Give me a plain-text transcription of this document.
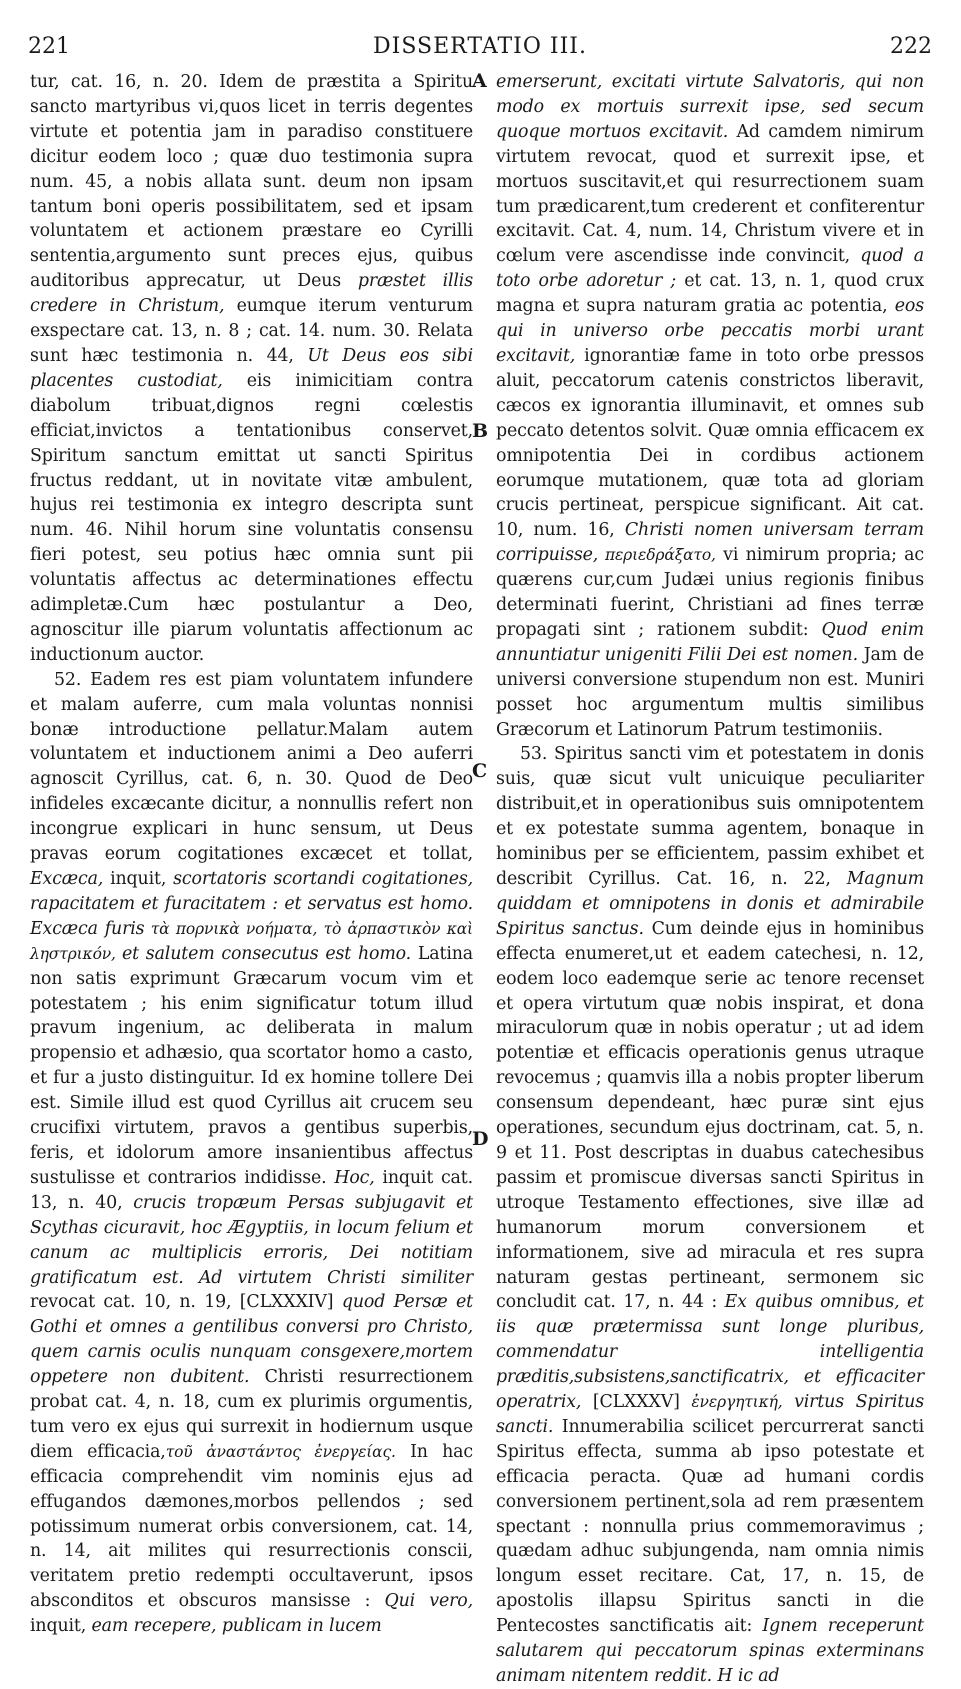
221	DISSERTATIO III.	222
A
B
C
D

tur, cat. 16, n. 20. Idem de præstita a Spiritu sancto martyribus vi,quos licet in terris degentes virtute et potentia jam in paradiso constituere dicitur eodem loco ; quæ duo testimonia supra num. 45, a nobis allata sunt. deum non ipsam tantum boni operis possibilitatem, sed et ipsam voluntatem et actionem præstare eo Cyrilli sententia,argumento sunt preces ejus, quibus auditoribus apprecatur, ut Deus præstet illis credere in Christum, eumque iterum venturum exspectare cat. 13, n. 8 ; cat. 14. num. 30. Relata sunt hæc testimonia n. 44, Ut Deus eos sibi placentes custodiat, eis inimicitiam contra diabolum tribuat,dignos regni cœlestis efficiat,invictos a tentationibus conservet, Spiritum sanctum emittat ut sancti Spiritus fructus reddant, ut in novitate vitæ ambulent, hujus rei testimonia ex integro descripta sunt num. 46. Nihil horum sine voluntatis consensu fieri potest, seu potius hæc omnia sunt pii voluntatis affectus ac determinationes effectu adimpletæ.Cum hæc postulantur a Deo, agnoscitur ille piarum voluntatis affectionum ac inductionum auctor.

52. Eadem res est piam voluntatem infundere et malam auferre, cum mala voluntas nonnisi bonæ introductione pellatur.Malam autem voluntatem et inductionem animi a Deo auferri agnoscit Cyrillus, cat. 6, n. 30. Quod de Deo infideles excæcante dicitur, a nonnullis refert non incongrue explicari in hunc sensum, ut Deus pravas eorum cogitationes excæcet et tollat, Excæca, inquit, scortatoris scortandi cogitationes, rapacitatem et furacitatem : et servatus est homo. Excæca furis τὰ πορνικὰ νοήματα, τὸ ἁρπαστικὸν καὶ ληστρικόν, et salutem consecutus est homo. Latina non satis exprimunt Græcarum vocum vim et potestatem ; his enim significatur totum illud pravum ingenium, ac deliberata in malum propensio et adhæsio, qua scortator homo a casto, et fur a justo distinguitur. Id ex homine tollere Dei est. Simile illud est quod Cyrillus ait crucem seu crucifixi virtutem, pravos a gentibus superbis, feris, et idolorum amore insanientibus affectus sustulisse et contrarios indidisse. Hoc, inquit cat. 13, n. 40, crucis tropæum Persas subjugavit et Scythas cicuravit, hoc Ægyptiis, in locum felium et canum ac multiplicis erroris, Dei notitiam gratificatum est. Ad virtutem Christi similiter revocat cat. 10, n. 19, [CLXXXIV] quod Persæ et Gothi et omnes a gentilibus conversi pro Christo, quem carnis oculis nunquam consgexere,mortem oppetere non dubitent. Christi resurrectionem probat cat. 4, n. 18, cum ex plurimis orgumentis, tum vero ex ejus qui surrexit in hodiernum usque diem efficacia,τοῦ ἀναστάντος ἐνεργείας. In hac efficacia comprehendit vim nominis ejus ad effugandos dæmones,morbos pellendos ; sed potissimum numerat orbis conversionem, cat. 14, n. 14, ait milites qui resurrectionis conscii, veritatem pretio redempti occultaverunt, ipsos absconditos et obscuros mansisse : Qui vero, inquit, eam recepere, publicam in lucem

emerserunt, excitati virtute Salvatoris, qui non modo ex mortuis surrexit ipse, sed secum quoque mortuos excitavit. Ad camdem nimirum virtutem revocat, quod et surrexit ipse, et mortuos suscitavit,et qui resurrectionem suam tum prædicarent,tum crederent et confiterentur excitavit. Cat. 4, num. 14, Christum vivere et in cœlum vere ascendisse inde convincit, quod a toto orbe adoretur ; et cat. 13, n. 1, quod crux magna et supra naturam gratia ac potentia, eos qui in universo orbe peccatis morbi urant excitavit, ignorantiæ fame in toto orbe pressos aluit, peccatorum catenis constrictos liberavit, cæcos ex ignorantia illuminavit, et omnes sub peccato detentos solvit. Quæ omnia efficacem ex omnipotentia Dei in cordibus actionem eorumque mutationem, quæ tota ad gloriam crucis pertineat, perspicue significant. Ait cat. 10, num. 16, Christi nomen universam terram corripuisse, περιεδράξατο, vi nimirum propria; ac quærens cur,cum Judæi unius regionis finibus determinati fuerint, Christiani ad fines terræ propagati sint ; rationem subdit: Quod enim annuntiatur unigeniti Filii Dei est nomen. Jam de universi conversione stupendum non est. Muniri posset hoc argumentum multis similibus Græcorum et Latinorum Patrum testimoniis.

53. Spiritus sancti vim et potestatem in donis suis, quæ sicut vult unicuique peculiariter distribuit,et in operationibus suis omnipotentem et ex potestate summa agentem, bonaque in hominibus per se efficientem, passim exhibet et describit Cyrillus. Cat. 16, n. 22, Magnum quiddam et omnipotens in donis et admirabile Spiritus sanctus. Cum deinde ejus in hominibus effecta enumeret,ut et eadem catechesi, n. 12, eodem loco eademque serie ac tenore recenset et opera virtutum quæ nobis inspirat, et dona miraculorum quæ in nobis operatur ; ut ad idem potentiæ et efficacis operationis genus utraque revocemus ; quamvis illa a nobis propter liberum consensum dependeant, hæc puræ sint ejus operationes, secundum ejus doctrinam, cat. 5, n. 9 et 11. Post descriptas in duabus catechesibus passim et promiscue diversas sancti Spiritus in utroque Testamento effectiones, sive illæ ad humanorum morum conversionem et informationem, sive ad miracula et res supra naturam gestas pertineant, sermonem sic concludit cat. 17, n. 44 : Ex quibus omnibus, et iis quæ prætermissa sunt longe pluribus, commendatur intelligentia præditis,subsistens,sanctificatrix, et efficaciter operatrix, [CLXXXV] ἐνεργητική, virtus Spiritus sancti. Innumerabilia scilicet percurrerat sancti Spiritus effecta, summa ab ipso potestate et efficacia peracta. Quæ ad humani cordis conversionem pertinent,sola ad rem præsentem spectant : nonnulla prius commemoravimus ; quædam adhuc subjungenda, nam omnia nimis longum esset recitare. Cat, 17, n. 15, de apostolis illapsu Spiritus sancti in die Pentecostes sanctificatis ait: Ignem receperunt salutarem qui peccatorum spinas exterminans animam nitentem reddit. H ic ad
